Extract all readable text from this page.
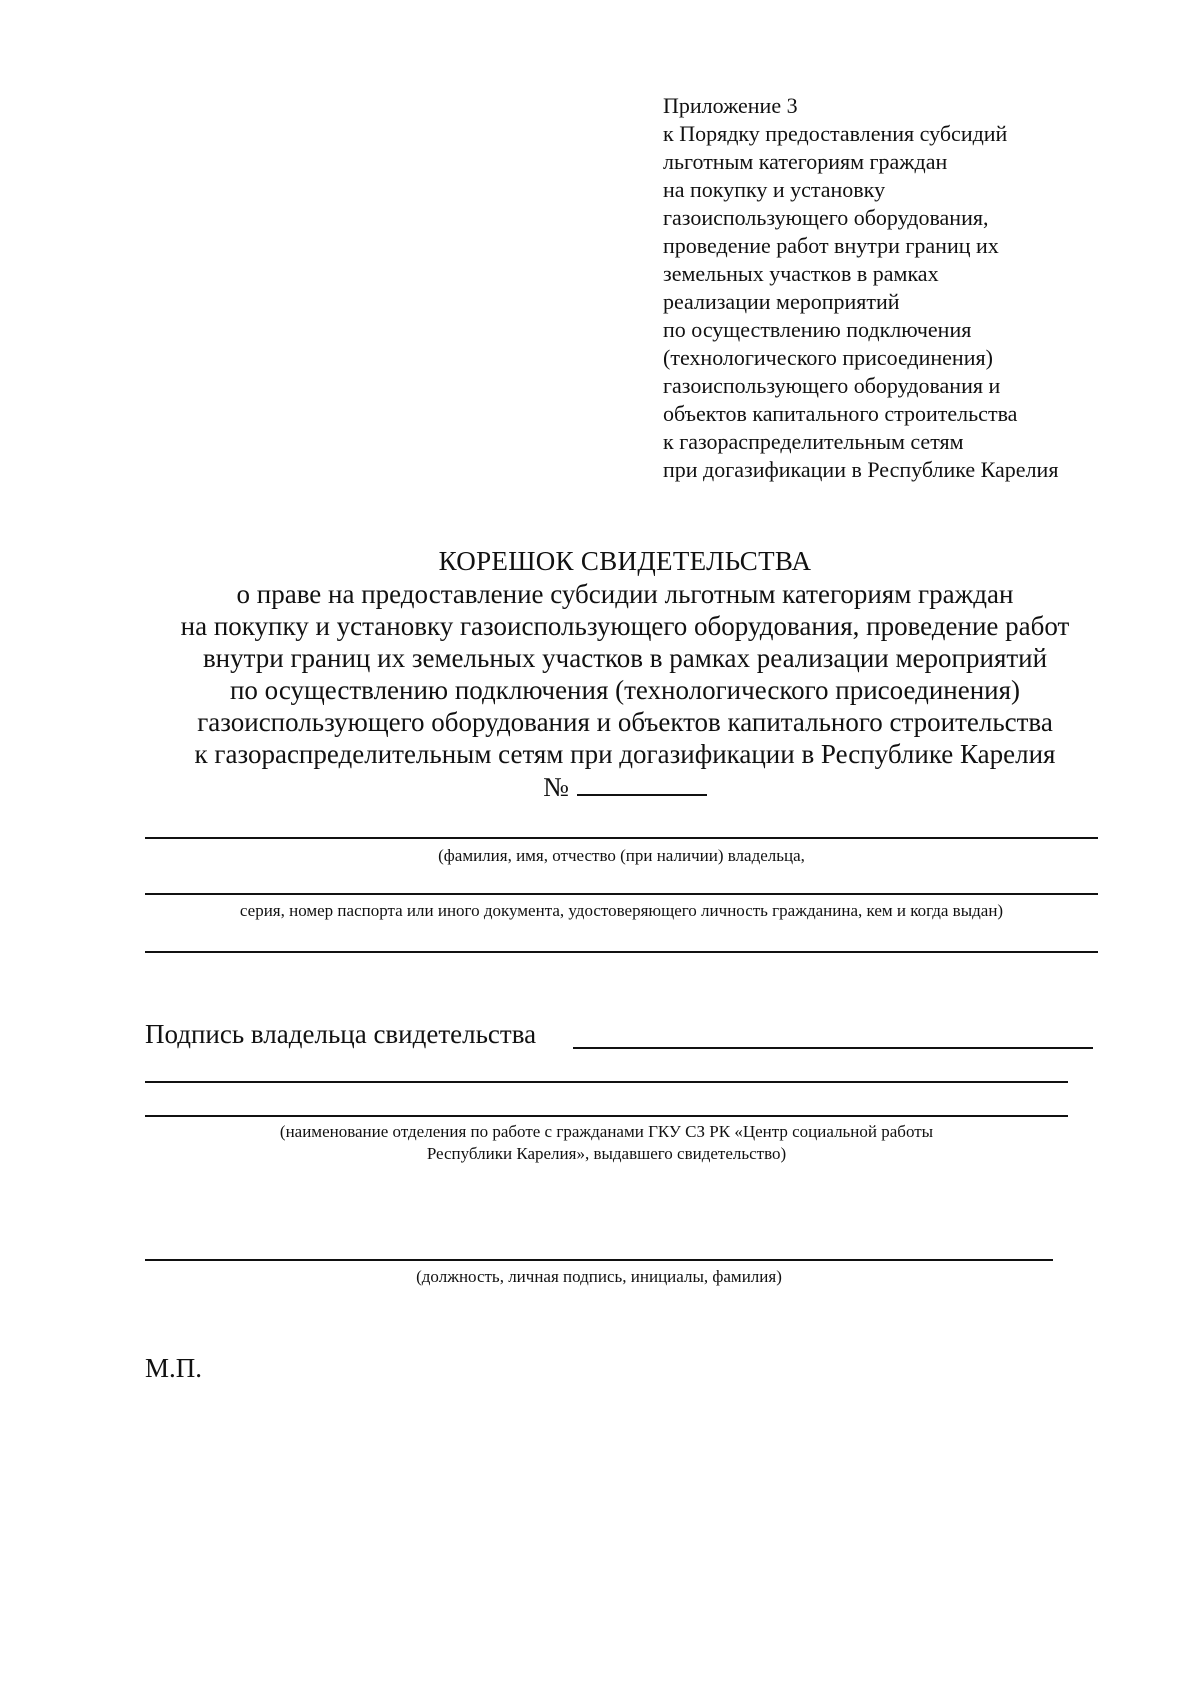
Приложение 3
к Порядку предоставления субсидий
льготным категориям граждан
на покупку и установку
газоиспользующего оборудования,
проведение работ внутри границ их
земельных участков в рамках
реализации мероприятий
по осуществлению подключения
(технологического присоединения)
газоиспользующего оборудования и
объектов капитального строительства
к газораспределительным сетям
при догазификации в Республике Карелия
КОРЕШОК СВИДЕТЕЛЬСТВА
о праве на предоставление субсидии льготным категориям граждан
на покупку и установку газоиспользующего оборудования, проведение работ
внутри границ их земельных участков в рамках реализации мероприятий
по осуществлению подключения (технологического присоединения)
газоиспользующего оборудования и объектов капитального строительства
к газораспределительным сетям при догазификации в Республике Карелия
№
(фамилия, имя, отчество (при наличии) владельца,
серия, номер паспорта или иного документа, удостоверяющего личность гражданина, кем и когда выдан)
Подпись владельца свидетельства
(наименование отделения по работе с гражданами ГКУ СЗ РК «Центр социальной работы
Республики Карелия», выдавшего свидетельство)
(должность, личная подпись, инициалы, фамилия)
М.П.
